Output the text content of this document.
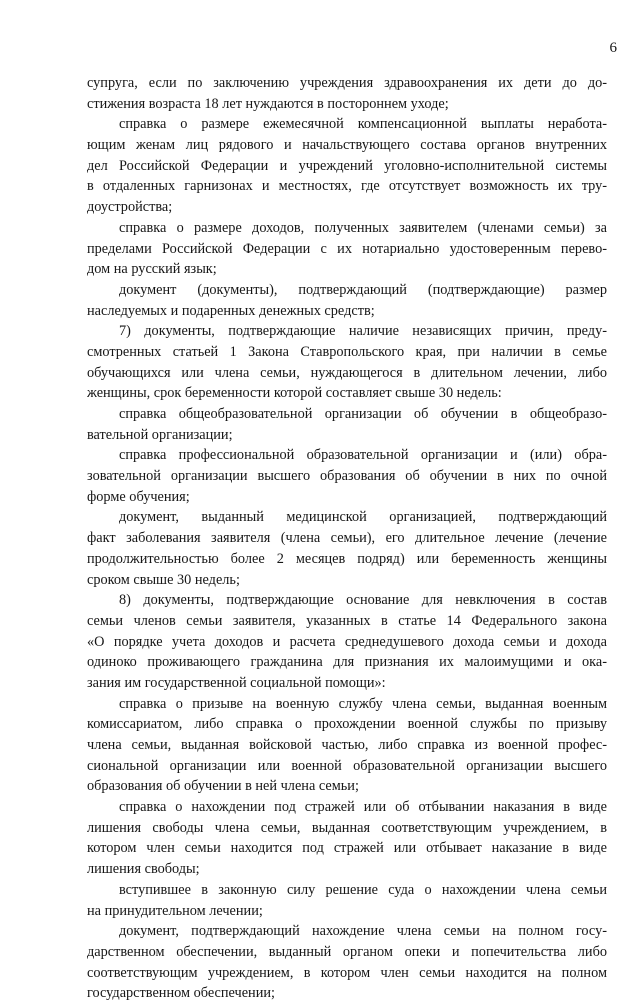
6
супруга, если по заключению учреждения здравоохранения их дети до до-
стижения возраста 18 лет нуждаются в постороннем уходе;
справка о размере ежемесячной компенсационной выплаты неработа-
ющим женам лиц рядового и начальствующего состава органов внутренних
дел Российской Федерации и учреждений уголовно-исполнительной системы
в отдаленных гарнизонах и местностях, где отсутствует возможность их тру-
доустройства;
справка о размере доходов, полученных заявителем (членами семьи) за
пределами Российской Федерации с их нотариально удостоверенным перево-
дом на русский язык;
документ (документы), подтверждающий (подтверждающие) размер
наследуемых и подаренных денежных средств;
7) документы, подтверждающие наличие независящих причин, преду-
смотренных статьей 1 Закона Ставропольского края, при наличии в семье
обучающихся или члена семьи, нуждающегося в длительном лечении, либо
женщины, срок беременности которой составляет свыше 30 недель:
справка общеобразовательной организации об обучении в общеобразо-
вательной организации;
справка профессиональной образовательной организации и (или) обра-
зовательной организации высшего образования об обучении в них по очной
форме обучения;
документ, выданный медицинской организацией, подтверждающий
факт заболевания заявителя (члена семьи), его длительное лечение (лечение
продолжительностью более 2 месяцев подряд) или беременность женщины
сроком свыше 30 недель;
8) документы, подтверждающие основание для невключения в состав
семьи членов семьи заявителя, указанных в статье 14 Федерального закона
«О порядке учета доходов и расчета среднедушевого дохода семьи и дохода
одиноко проживающего гражданина для признания их малоимущими и ока-
зания им государственной социальной помощи»:
справка о призыве на военную службу члена семьи, выданная военным
комиссариатом, либо справка о прохождении военной службы по призыву
члена семьи, выданная войсковой частью, либо справка из военной профес-
сиональной организации или военной образовательной организации высшего
образования об обучении в ней члена семьи;
справка о нахождении под стражей или об отбывании наказания в виде
лишения свободы члена семьи, выданная соответствующим учреждением, в
котором член семьи находится под стражей или отбывает наказание в виде
лишения свободы;
вступившее в законную силу решение суда о нахождении члена семьи
на принудительном лечении;
документ, подтверждающий нахождение члена семьи на полном госу-
дарственном обеспечении, выданный органом опеки и попечительства либо
соответствующим учреждением, в котором член семьи находится на полном
государственном обеспечении;
